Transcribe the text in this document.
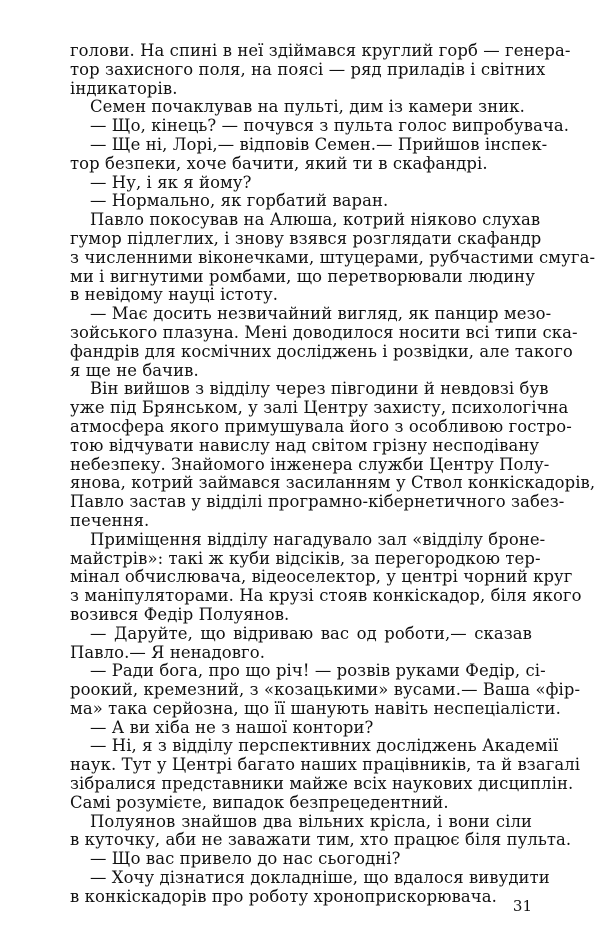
голови. На спині в неї здіймався круглий горб — генера-
тор захисного поля, на поясі — ряд приладів і світних
індикаторів.
Семен почаклував на пульті, дим із камери зник.
— Що, кінець? — почувся з пульта голос випробувача.
— Ще ні, Лорі,— відповів Семен.— Прийшов інспек-
тор безпеки, хоче бачити, який ти в скафандрі.
— Ну, і як я йому?
— Нормально, як горбатий варан.
Павло покосував на Алюша, котрий ніяково слухав
гумор підлеглих, і знову взявся розглядати скафандр
з численними віконечками, штуцерами, рубчастими смуга-
ми і вигнутими ромбами, що перетворювали людину
в невідому науці істоту.
— Має досить незвичайний вигляд, як панцир мезо-
зойського плазуна. Мені доводилося носити всі типи ска-
фандрів для космічних досліджень і розвідки, але такого
я ще не бачив.
Він вийшов з відділу через півгодини й невдовзі був
уже під Брянськом, у залі Центру захисту, психологічна
атмосфера якого примушувала його з особливою гостро-
тою відчувати навислу над світом грізну несподівану
небезпеку. Знайомого інженера служби Центру Полу-
янова, котрий займався засиланням у Ствол конкіскадорів,
Павло застав у відділі програмно-кібернетичного забез-
печення.
Приміщення відділу нагадувало зал «відділу броне-
майстрів»: такі ж куби відсіків, за перегородкою тер-
мінал обчислювача, відеоселектор, у центрі чорний круг
з маніпуляторами. На крузі стояв конкіскадор, біля якого
возився Федір Полуянов.
— Даруйте, що відриваю вас од роботи,— сказав
Павло.— Я ненадовго.
— Ради бога, про що річ! — розвів руками Федір, сі-
роокий, кремезний, з «козацькими» вусами.— Ваша «фір-
ма» така серйозна, що її шанують навіть неспеціалісти.
— А ви хіба не з нашої контори?
— Ні, я з відділу перспективних досліджень Академії
наук. Тут у Центрі багато наших працівників, та й взагалі
зібралися представники майже всіх наукових дисциплін.
Самі розумієте, випадок безпрецедентний.
Полуянов знайшов два вільних крісла, і вони сіли
в куточку, аби не заважати тим, хто працює біля пульта.
— Що вас привело до нас сьогодні?
— Хочу дізнатися докладніше, що вдалося вивудити
в конкіскадорів про роботу хроноприскорювача.
31
